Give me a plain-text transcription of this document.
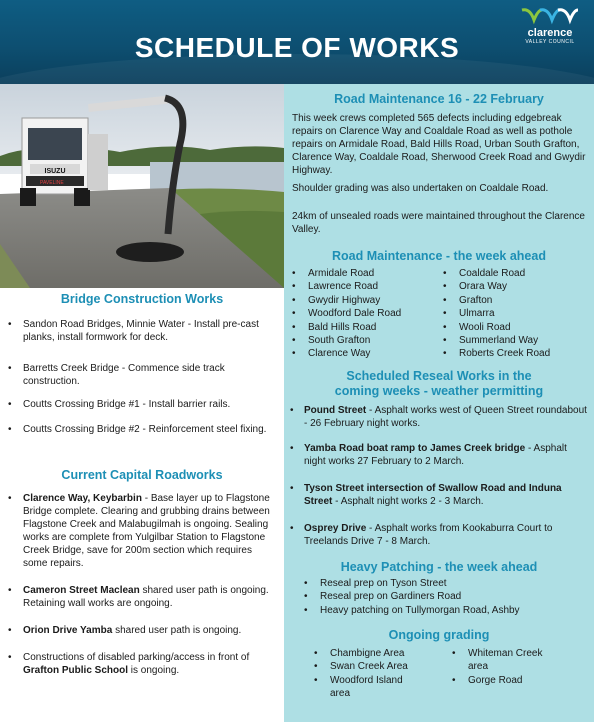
SCHEDULE OF WORKS	clarence
VALLEY COUNCIL
ISUZU
PAVELINE
Bridge Construction Works
• Sandon Road Bridges, Minnie Water - Install pre-cast planks, install formwork for deck.
• Barretts Creek Bridge - Commence side track construction.
• Coutts Crossing Bridge #1 - Install barrier rails.
• Coutts Crossing Bridge #2 - Reinforcement steel fixing.
Current Capital Roadworks
• Clarence Way, Keybarbin - Base layer up to Flagstone Bridge complete. Clearing and grubbing drains between Flagstone Creek and Malabugilmah is ongoing. Sealing works are complete from Yulgilbar Station to Flagstone Creek Bridge, save for 200m section which requires some repairs.
• Cameron Street Maclean shared user path is ongoing. Retaining wall works are ongoing.
• Orion Drive Yamba shared user path is ongoing.
• Constructions of disabled parking/access in front of Grafton Public School is ongoing.
Road Maintenance 16 - 22 February
This week crews completed 565 defects including edgebreak repairs on Clarence Way and Coaldale Road as well as pothole repairs on Armidale Road, Bald Hills Road, Urban South Grafton, Clarence Way, Coaldale Road, Sherwood Creek Road and Gwydir Highway.
Shoulder grading was also undertaken on Coaldale Road.
24km of unsealed roads were maintained throughout the Clarence Valley.
Road Maintenance - the week ahead
• Armidale Road
• Lawrence Road
• Gwydir Highway
• Woodford Dale Road
• Bald Hills Road
• South Grafton
• Clarence Way
• Coaldale Road
• Orara Way
• Grafton
• Ulmarra
• Wooli Road
• Summerland Way
• Roberts Creek Road
Scheduled Reseal Works in the
coming weeks - weather permitting
• Pound Street - Asphalt works west of Queen Street roundabout - 26 February night works.
• Yamba Road boat ramp to James Creek bridge - Asphalt night works 27 February to 2 March.
• Tyson Street intersection of Swallow Road and Induna Street - Asphalt night works 2 - 3 March.
• Osprey Drive - Asphalt works from Kookaburra Court to Treelands Drive 7 - 8 March.
Heavy Patching - the week ahead
• Reseal prep on Tyson Street
• Reseal prep on Gardiners Road
• Heavy patching on Tullymorgan Road, Ashby
Ongoing grading
• Chambigne Area
• Swan Creek Area
• Woodford Island area
• Whiteman Creek area
• Gorge Road
